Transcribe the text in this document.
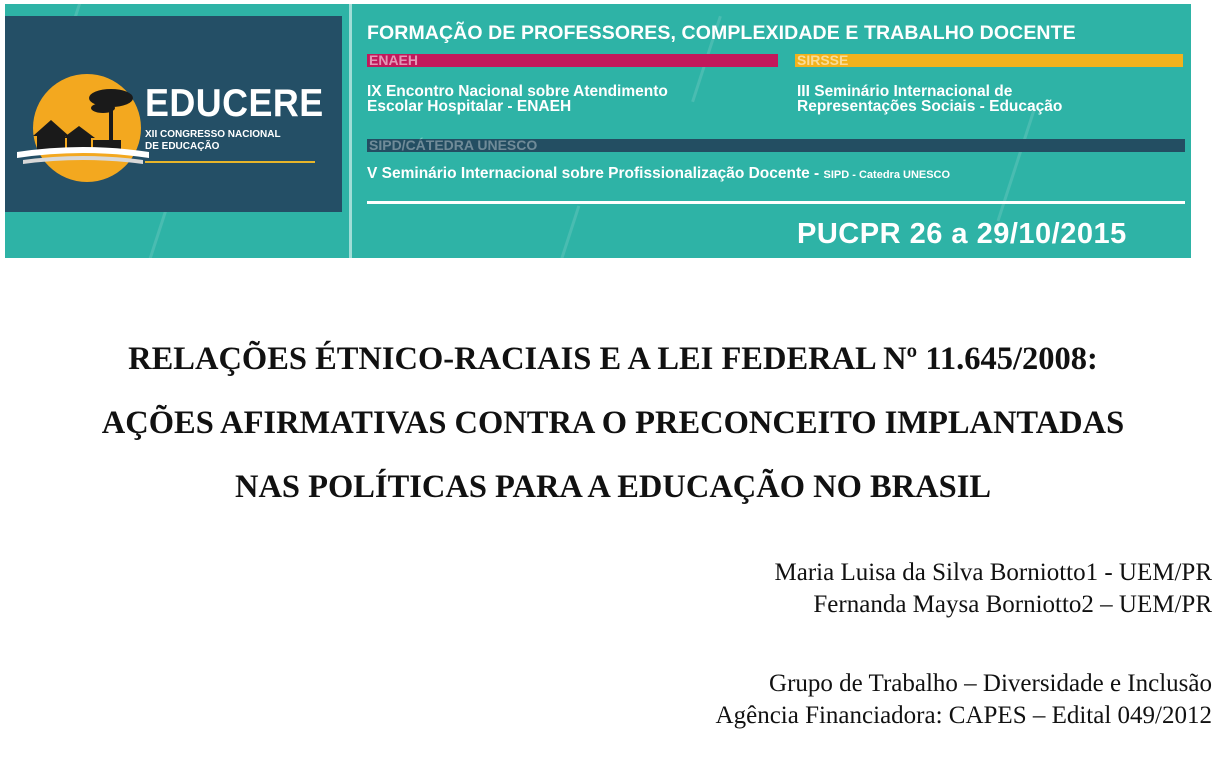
EDUCERE
XII CONGRESSO NACIONAL
DE EDUCAÇÃO
FORMAÇÃO DE PROFESSORES, COMPLEXIDADE E TRABALHO DOCENTE
ENAEH	SIRSSE
IX Encontro Nacional sobre Atendimento
Escolar Hospitalar - ENAEH
III Seminário Internacional de
Representações Sociais - Educação
SIPD/CÁTEDRA UNESCO
V Seminário Internacional sobre Profissionalização Docente - SIPD - Catedra UNESCO
PUCPR 26 a 29/10/2015
RELAÇÕES ÉTNICO-RACIAIS E A LEI FEDERAL Nº 11.645/2008:
AÇÕES AFIRMATIVAS CONTRA O PRECONCEITO IMPLANTADAS
NAS POLÍTICAS PARA A EDUCAÇÃO NO BRASIL
Maria Luisa da Silva Borniotto1 - UEM/PR
Fernanda Maysa Borniotto2 – UEM/PR
Grupo de Trabalho – Diversidade e Inclusão
Agência Financiadora: CAPES – Edital 049/2012
